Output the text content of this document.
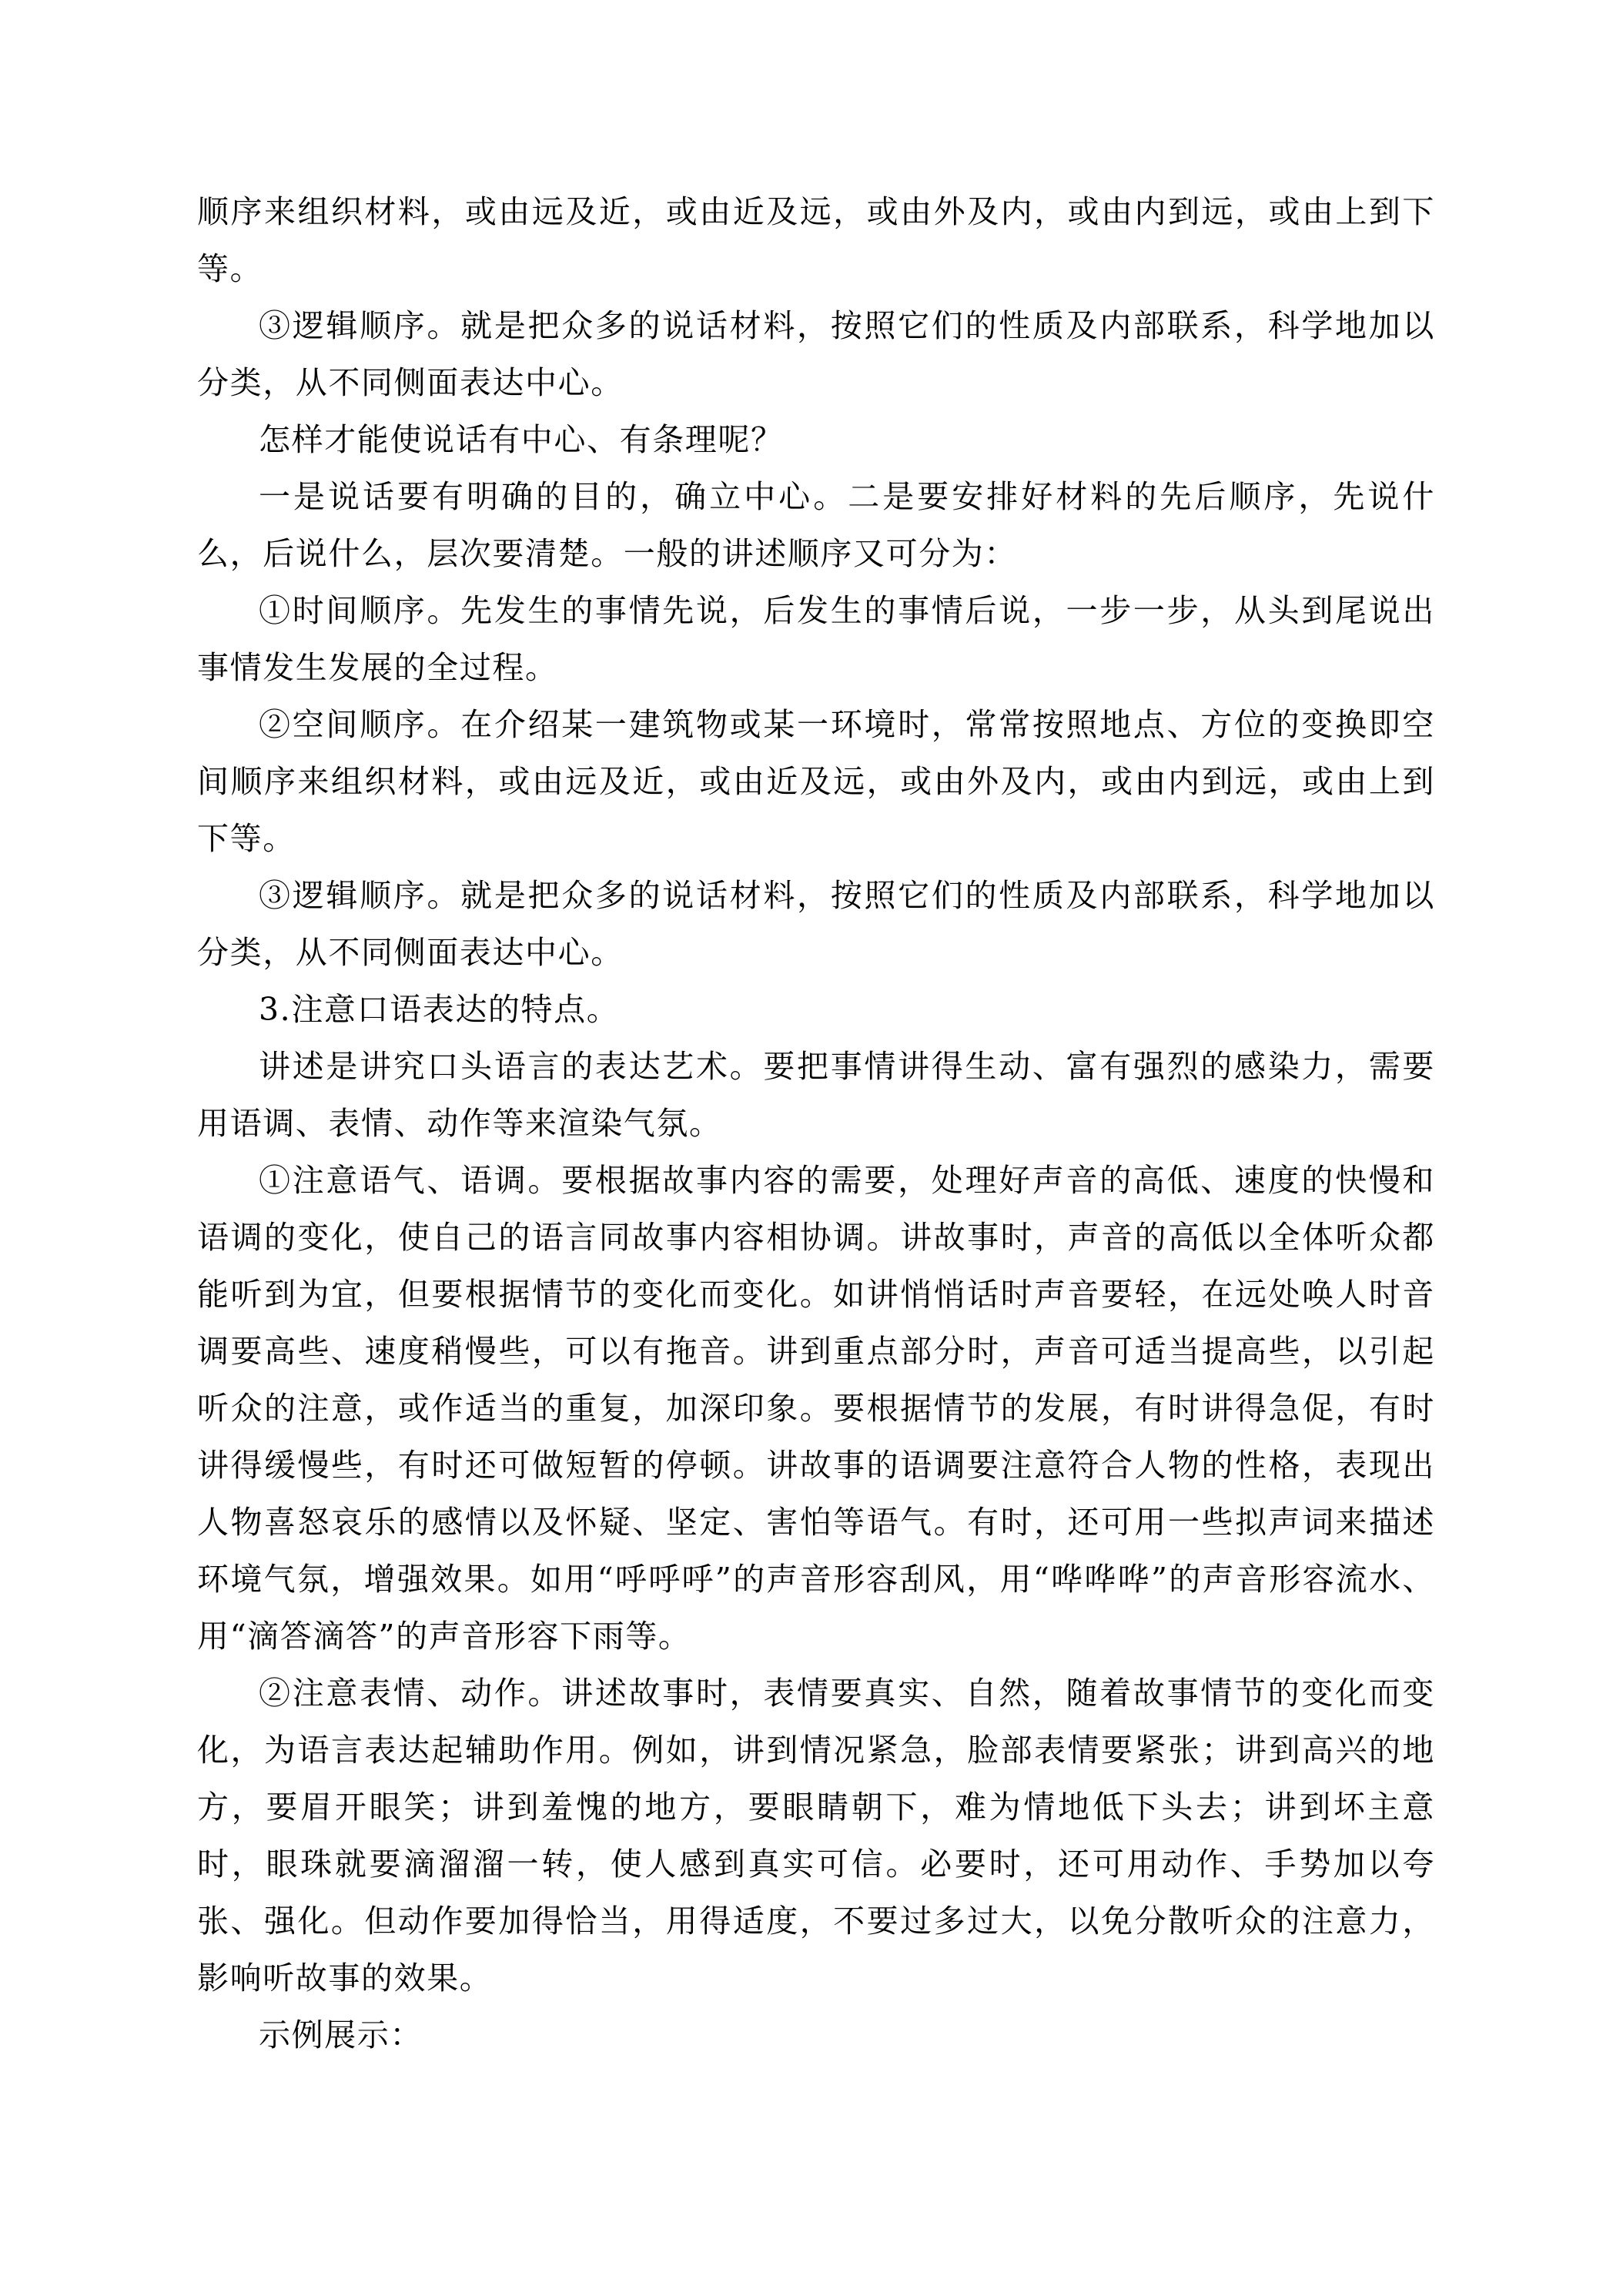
顺序来组织材料，或由远及近，或由近及远，或由外及内，或由内到远，或由上到下等。

③逻辑顺序。就是把众多的说话材料，按照它们的性质及内部联系，科学地加以分类，从不同侧面表达中心。

怎样才能使说话有中心、有条理呢？

一是说话要有明确的目的，确立中心。二是要安排好材料的先后顺序，先说什么，后说什么，层次要清楚。一般的讲述顺序又可分为：

①时间顺序。先发生的事情先说，后发生的事情后说，一步一步，从头到尾说出事情发生发展的全过程。

②空间顺序。在介绍某一建筑物或某一环境时，常常按照地点、方位的变换即空间顺序来组织材料，或由远及近，或由近及远，或由外及内，或由内到远，或由上到下等。

③逻辑顺序。就是把众多的说话材料，按照它们的性质及内部联系，科学地加以分类，从不同侧面表达中心。

3.注意口语表达的特点。

讲述是讲究口头语言的表达艺术。要把事情讲得生动、富有强烈的感染力，需要用语调、表情、动作等来渲染气氛。

①注意语气、语调。要根据故事内容的需要，处理好声音的高低、速度的快慢和语调的变化，使自己的语言同故事内容相协调。讲故事时，声音的高低以全体听众都能听到为宜，但要根据情节的变化而变化。如讲悄悄话时声音要轻，在远处唤人时音调要高些、速度稍慢些，可以有拖音。讲到重点部分时，声音可适当提高些，以引起听众的注意，或作适当的重复，加深印象。要根据情节的发展，有时讲得急促，有时讲得缓慢些，有时还可做短暂的停顿。讲故事的语调要注意符合人物的性格，表现出人物喜怒哀乐的感情以及怀疑、坚定、害怕等语气。有时，还可用一些拟声词来描述环境气氛，增强效果。如用“呼呼呼”的声音形容刮风，用“哗哗哗”的声音形容流水、用“滴答滴答”的声音形容下雨等。

②注意表情、动作。讲述故事时，表情要真实、自然，随着故事情节的变化而变化，为语言表达起辅助作用。例如，讲到情况紧急，脸部表情要紧张；讲到高兴的地方，要眉开眼笑；讲到羞愧的地方，要眼睛朝下，难为情地低下头去；讲到坏主意时，眼珠就要滴溜溜一转，使人感到真实可信。必要时，还可用动作、手势加以夸张、强化。但动作要加得恰当，用得适度，不要过多过大，以免分散听众的注意力，影响听故事的效果。

示例展示：
